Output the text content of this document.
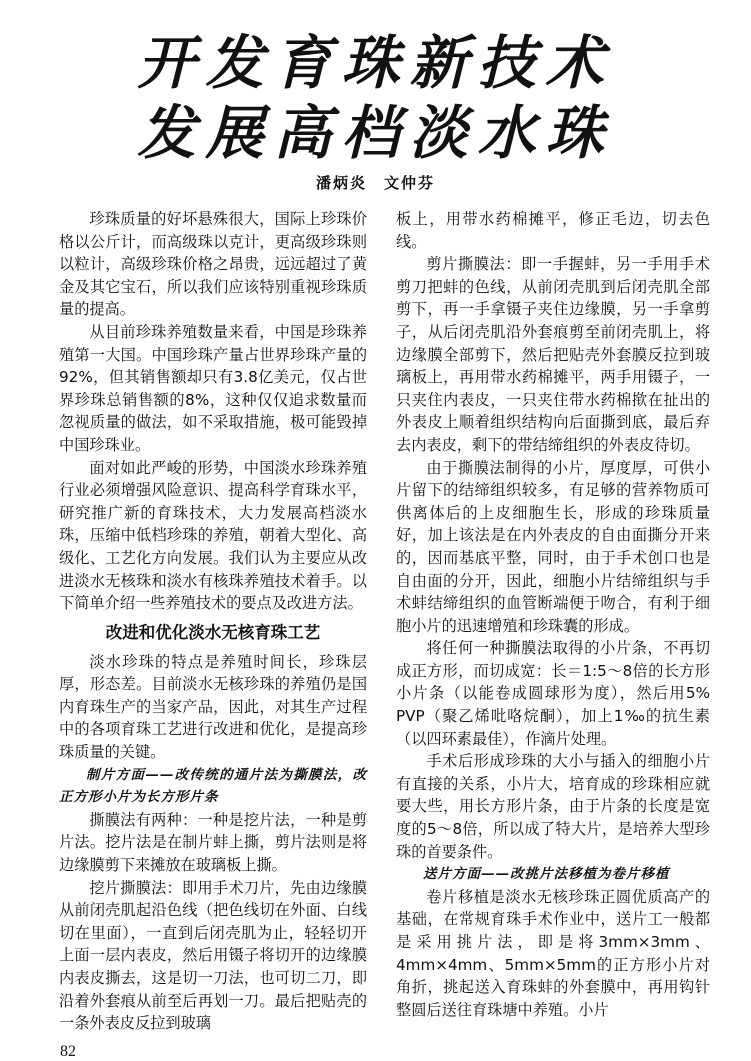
开发育珠新技术
发展高档淡水珠
潘炳炎　文仲芬

珍珠质量的好坏悬殊很大，国际上珍珠价格以公斤计，而高级珠以克计，更高级珍珠则以粒计，高级珍珠价格之昂贵，远远超过了黄金及其它宝石，所以我们应该特别重视珍珠质量的提高。

从目前珍珠养殖数量来看，中国是珍珠养殖第一大国。中国珍珠产量占世界珍珠产量的92%，但其销售额却只有3.8亿美元，仅占世界珍珠总销售额的8%，这种仅仅追求数量而忽视质量的做法，如不采取措施，极可能毁掉中国珍珠业。

面对如此严峻的形势，中国淡水珍珠养殖行业必须增强风险意识、提高科学育珠水平，研究推广新的育珠技术，大力发展高档淡水珠，压缩中低档珍珠的养殖，朝着大型化、高级化、工艺化方向发展。我们认为主要应从改进淡水无核珠和淡水有核珠养殖技术着手。以下简单介绍一些养殖技术的要点及改进方法。

改进和优化淡水无核育珠工艺

淡水珍珠的特点是养殖时间长，珍珠层厚，形态差。目前淡水无核珍珠的养殖仍是国内育珠生产的当家产品，因此，对其生产过程中的各项育珠工艺进行改进和优化，是提高珍珠质量的关键。

制片方面——改传统的通片法为撕膜法，改正方形小片为长方形片条

撕膜法有两种：一种是挖片法，一种是剪片法。挖片法是在制片蚌上撕，剪片法则是将边缘膜剪下来摊放在玻璃板上撕。

挖片撕膜法：即用手术刀片，先由边缘膜从前闭壳肌起沿色线（把色线切在外面、白线切在里面），一直到后闭壳肌为止，轻轻切开上面一层内表皮，然后用镊子将切开的边缘膜内表皮撕去，这是切一刀法，也可切二刀，即沿着外套痕从前至后再划一刀。最后把贴壳的一条外表皮反拉到玻璃

板上，用带水药棉摊平，修正毛边，切去色线。

剪片撕膜法：即一手握蚌，另一手用手术剪刀把蚌的色线，从前闭壳肌到后闭壳肌全部剪下，再一手拿镊子夹住边缘膜，另一手拿剪子，从后闭壳肌沿外套痕剪至前闭壳肌上，将边缘膜全部剪下，然后把贴壳外套膜反拉到玻璃板上，再用带水药棉摊平，两手用镊子，一只夹住内表皮，一只夹住带水药棉揿在扯出的外表皮上顺着组织结构向后面撕到底，最后弃去内表皮，剩下的带结缔组织的外表皮待切。

由于撕膜法制得的小片，厚度厚，可供小片留下的结缔组织较多，有足够的营养物质可供离体后的上皮细胞生长，形成的珍珠质量好，加上该法是在内外表皮的自由面撕分开来的，因而基底平整，同时，由于手术创口也是自由面的分开，因此，细胞小片结缔组织与手术蚌结缔组织的血管断端便于吻合，有利于细胞小片的迅速增殖和珍珠囊的形成。

将任何一种撕膜法取得的小片条，不再切成正方形，而切成宽：长＝1:5～8倍的长方形小片条（以能卷成圆球形为度），然后用5% PVP（聚乙烯吡咯烷酮），加上1‰的抗生素（以四环素最佳），作滴片处理。

手术后形成珍珠的大小与插入的细胞小片有直接的关系，小片大，培育成的珍珠相应就要大些，用长方形片条，由于片条的长度是宽度的5～8倍，所以成了特大片，是培养大型珍珠的首要条件。

送片方面——改挑片法移植为卷片移植

卷片移植是淡水无核珍珠正圆优质高产的基础，在常规育珠手术作业中，送片工一般都是采用挑片法，即是将3mm×3mm、4mm×4mm、5mm×5mm的正方形小片对角折，挑起送入育珠蚌的外套膜中，再用钩针整圆后送往育珠塘中养殖。小片

82
